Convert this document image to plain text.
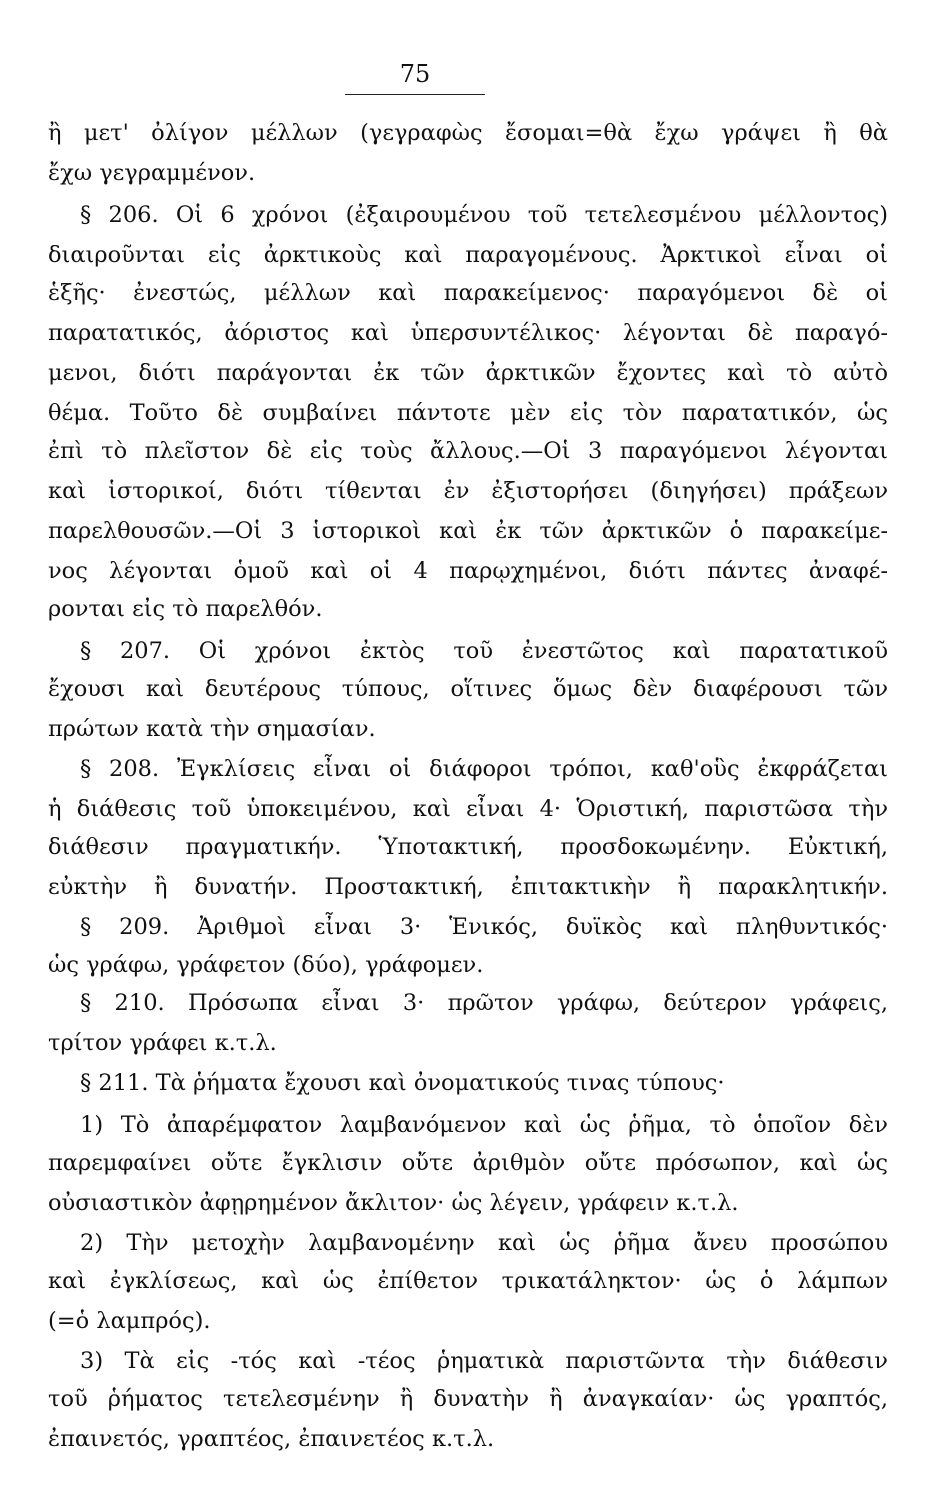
75
ἢ μετ' ὀλίγον μέλλων (γεγραφὼς ἔσομαι=θὰ ἔχω γράψει ἢ θὰ
ἔχω γεγραμμένον.
§ 206. Οἱ 6 χρόνοι (ἐξαιρουμένου τοῦ τετελεσμένου μέλλοντος)
διαιροῦνται εἰς ἀρκτικοὺς καὶ παραγομένους. Ἀρκτικοὶ εἶναι οἱ
ἑξῆς· ἐνεστώς, μέλλων καὶ παρακείμενος· παραγόμενοι δὲ οἱ
παρατατικός, ἀόριστος καὶ ὑπερσυντέλικος· λέγονται δὲ παραγό-
μενοι, διότι παράγονται ἐκ τῶν ἀρκτικῶν ἔχοντες καὶ τὸ αὐτὸ
θέμα. Τοῦτο δὲ συμβαίνει πάντοτε μὲν εἰς τὸν παρατατικόν, ὡς
ἐπὶ τὸ πλεῖστον δὲ εἰς τοὺς ἄλλους.—Οἱ 3 παραγόμενοι λέγονται
καὶ ἱστορικοί, διότι τίθενται ἐν ἐξιστορήσει (διηγήσει) πράξεων
παρελθουσῶν.—Οἱ 3 ἱστορικοὶ καὶ ἐκ τῶν ἀρκτικῶν ὁ παρακείμε-
νος λέγονται ὁμοῦ καὶ οἱ 4 παρῳχημένοι, διότι πάντες ἀναφέ-
ρονται εἰς τὸ παρελθόν.
§ 207. Οἱ χρόνοι ἐκτὸς τοῦ ἐνεστῶτος καὶ παρατατικοῦ
ἔχουσι καὶ δευτέρους τύπους, οἵτινες ὅμως δὲν διαφέρουσι τῶν
πρώτων κατὰ τὴν σημασίαν.
§ 208. Ἐγκλίσεις εἶναι οἱ διάφοροι τρόποι, καθ'οὓς ἐκφράζεται
ἡ διάθεσις τοῦ ὑποκειμένου, καὶ εἶναι 4· Ὁριστική, παριστῶσα τὴν
διάθεσιν πραγματικήν. Ὑποτακτική, προσδοκωμένην. Εὐκτική,
εὐκτὴν ἢ δυνατήν. Προστακτική, ἐπιτακτικὴν ἢ παρακλητικήν.
§ 209. Ἀριθμοὶ εἶναι 3· Ἑνικός, δυϊκὸς καὶ πληθυντικός·
ὡς γράφω, γράφετον (δύο), γράφομεν.
§ 210. Πρόσωπα εἶναι 3· πρῶτον γράφω, δεύτερον γράφεις,
τρίτον γράφει κ.τ.λ.
§ 211. Τὰ ῥήματα ἔχουσι καὶ ὀνοματικούς τινας τύπους·
1) Τὸ ἀπαρέμφατον λαμβανόμενον καὶ ὡς ῥῆμα, τὸ ὁποῖον δὲν
παρεμφαίνει οὔτε ἔγκλισιν οὔτε ἀριθμὸν οὔτε πρόσωπον, καὶ ὡς
οὐσιαστικὸν ἀφῃρημένον ἄκλιτον· ὡς λέγειν, γράφειν κ.τ.λ.
2) Τὴν μετοχὴν λαμβανομένην καὶ ὡς ῥῆμα ἄνευ προσώπου
καὶ ἐγκλίσεως, καὶ ὡς ἐπίθετον τρικατάληκτον· ὡς ὁ λάμπων
(=ὁ λαμπρός).
3) Τὰ εἰς -τός καὶ -τέος ῥηματικὰ παριστῶντα τὴν διάθεσιν
τοῦ ῥήματος τετελεσμένην ἢ δυνατὴν ἢ ἀναγκαίαν· ὡς γραπτός,
ἐπαινετός, γραπτέος, ἐπαινετέος κ.τ.λ.
